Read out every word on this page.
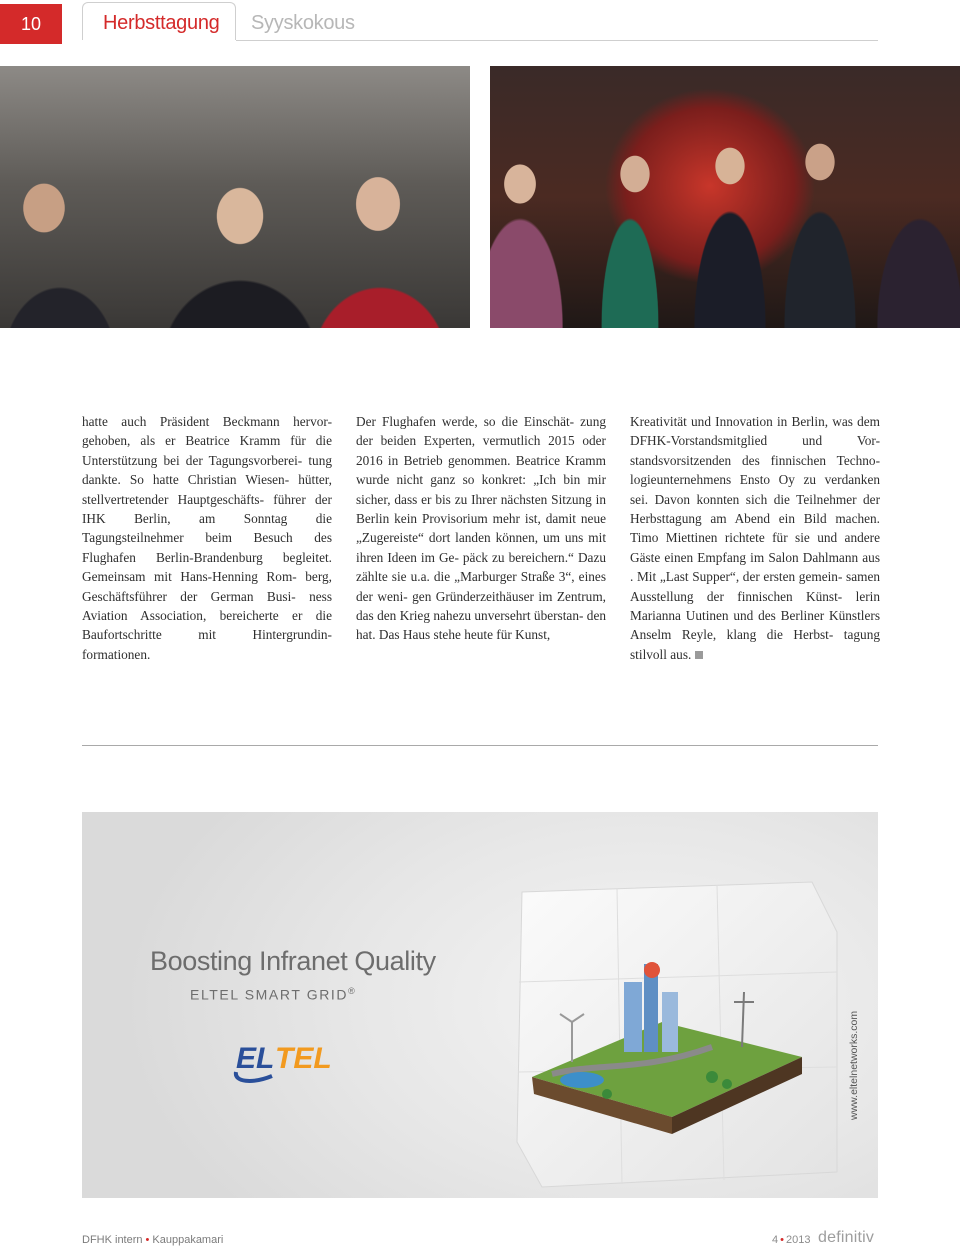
10	Herbsttagung Syyskokous
hatte auch Präsident Beckmann hervor- gehoben, als er Beatrice Kramm für die Unterstützung bei der Tagungsvorberei- tung dankte. So hatte Christian Wiesen- hütter, stellvertretender Hauptgeschäfts- führer der IHK Berlin, am Sonntag die Tagungsteilnehmer beim Besuch des Flughafen Berlin-Brandenburg begleitet. Gemeinsam mit Hans-Henning Rom- berg, Geschäftsführer der German Busi- ness Aviation Association, bereicherte er die Baufortschritte mit Hintergrundin- formationen.
Der Flughafen werde, so die Einschät- zung der beiden Experten, vermutlich 2015 oder 2016 in Betrieb genommen. Beatrice Kramm wurde nicht ganz so konkret: „Ich bin mir sicher, dass er bis zu Ihrer nächsten Sitzung in Berlin kein Provisorium mehr ist, damit neue „Zugereiste“ dort landen können, um uns mit ihren Ideen im Ge- päck zu bereichern.“ Dazu zählte sie u.a. die „Marburger Straße 3“, eines der weni- gen Gründerzeithäuser im Zentrum, das den Krieg nahezu unversehrt überstan- den hat. Das Haus stehe heute für Kunst,
Kreativität und Innovation in Berlin, was dem DFHK-Vorstandsmitglied und Vor- standsvorsitzenden des finnischen Techno- logieunternehmens Ensto Oy zu verdanken sei. Davon konnten sich die Teilnehmer der Herbsttagung am Abend ein Bild machen. Timo Miettinen richtete für sie und andere Gäste einen Empfang im Salon Dahlmann aus . Mit „Last Supper“, der ersten gemein- samen Ausstellung der finnischen Künst- lerin Marianna Uutinen und des Berliner Künstlers Anselm Reyle, klang die Herbst- tagung stilvoll aus.
Boosting Infranet Quality
ELTEL SMART GRID®
EL TEL	www.eltelnetworks.com
DFHK intern • Kauppakamari	4 • 2013 definitiv
